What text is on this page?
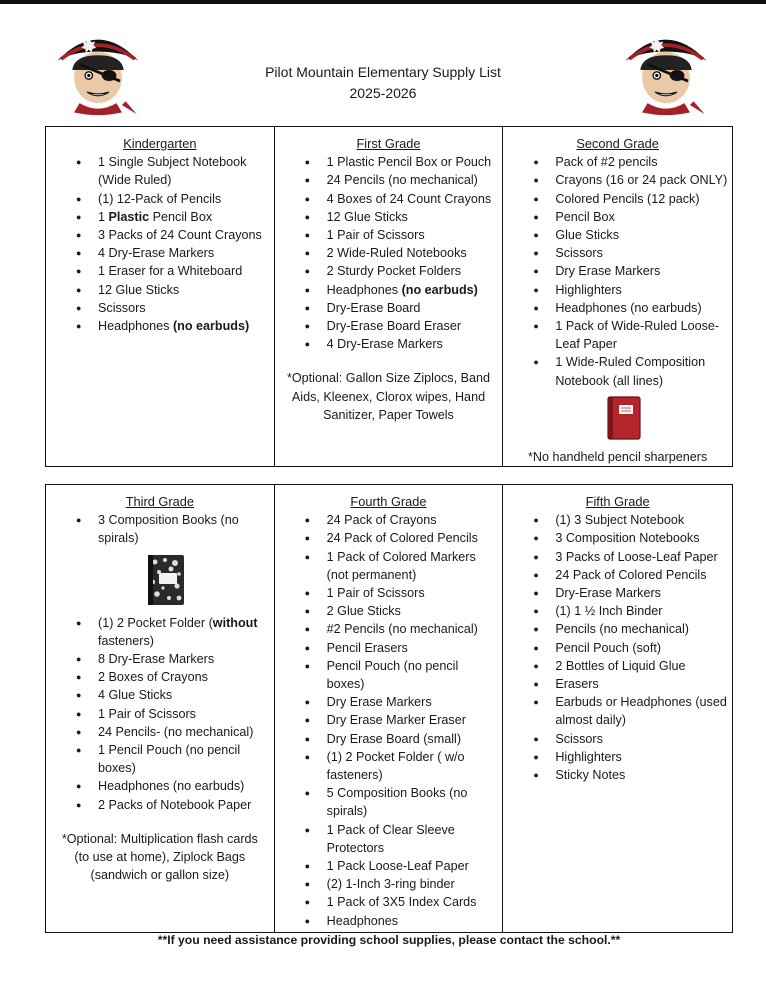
Pilot Mountain Elementary Supply List
2025-2026
Kindergarten
● 1 Single Subject Notebook (Wide Ruled)
● (1) 12-Pack of Pencils
● 1 Plastic Pencil Box
● 3 Packs of 24 Count Crayons
● 4 Dry-Erase Markers
● 1 Eraser for a Whiteboard
● 12 Glue Sticks
● Scissors
● Headphones (no earbuds)
First Grade
● 1 Plastic Pencil Box or Pouch
● 24 Pencils (no mechanical)
● 4 Boxes of 24 Count Crayons
● 12 Glue Sticks
● 1 Pair of Scissors
● 2 Wide-Ruled Notebooks
● 2 Sturdy Pocket Folders
● Headphones (no earbuds)
● Dry-Erase Board
● Dry-Erase Board Eraser
● 4 Dry-Erase Markers
*Optional: Gallon Size Ziplocs, Band Aids, Kleenex, Clorox wipes, Hand Sanitizer, Paper Towels
Second Grade
● Pack of #2 pencils
● Crayons (16 or 24 pack ONLY)
● Colored Pencils (12 pack)
● Pencil Box
● Glue Sticks
● Scissors
● Dry Erase Markers
● Highlighters
● Headphones (no earbuds)
● 1 Pack of Wide-Ruled Loose-Leaf Paper
● 1 Wide-Ruled Composition Notebook (all lines)
*No handheld pencil sharpeners
Third Grade
● 3 Composition Books (no spirals)
● (1) 2 Pocket Folder (without fasteners)
● 8 Dry-Erase Markers
● 2 Boxes of Crayons
● 4 Glue Sticks
● 1 Pair of Scissors
● 24 Pencils- (no mechanical)
● 1 Pencil Pouch (no pencil boxes)
● Headphones (no earbuds)
● 2 Packs of Notebook Paper
*Optional: Multiplication flash cards (to use at home), Ziplock Bags (sandwich or gallon size)
Fourth Grade
● 24 Pack of Crayons
● 24 Pack of Colored Pencils
● 1 Pack of Colored Markers (not permanent)
● 1 Pair of Scissors
● 2 Glue Sticks
● #2 Pencils (no mechanical)
● Pencil Erasers
● Pencil Pouch (no pencil boxes)
● Dry Erase Markers
● Dry Erase Marker Eraser
● Dry Erase Board (small)
● (1) 2 Pocket Folder ( w/o fasteners)
● 5 Composition Books (no spirals)
● 1 Pack of Clear Sleeve Protectors
● 1 Pack Loose-Leaf Paper
● (2) 1-Inch 3-ring binder
● 1 Pack of 3X5 Index Cards
● Headphones
Fifth Grade
● (1) 3 Subject Notebook
● 3 Composition Notebooks
● 3 Packs of Loose-Leaf Paper
● 24 Pack of Colored Pencils
● Dry-Erase Markers
● (1) 1 ½ Inch Binder
● Pencils (no mechanical)
● Pencil Pouch (soft)
● 2 Bottles of Liquid Glue
● Erasers
● Earbuds or Headphones (used almost daily)
● Scissors
● Highlighters
● Sticky Notes
**If you need assistance providing school supplies, please contact the school.**
